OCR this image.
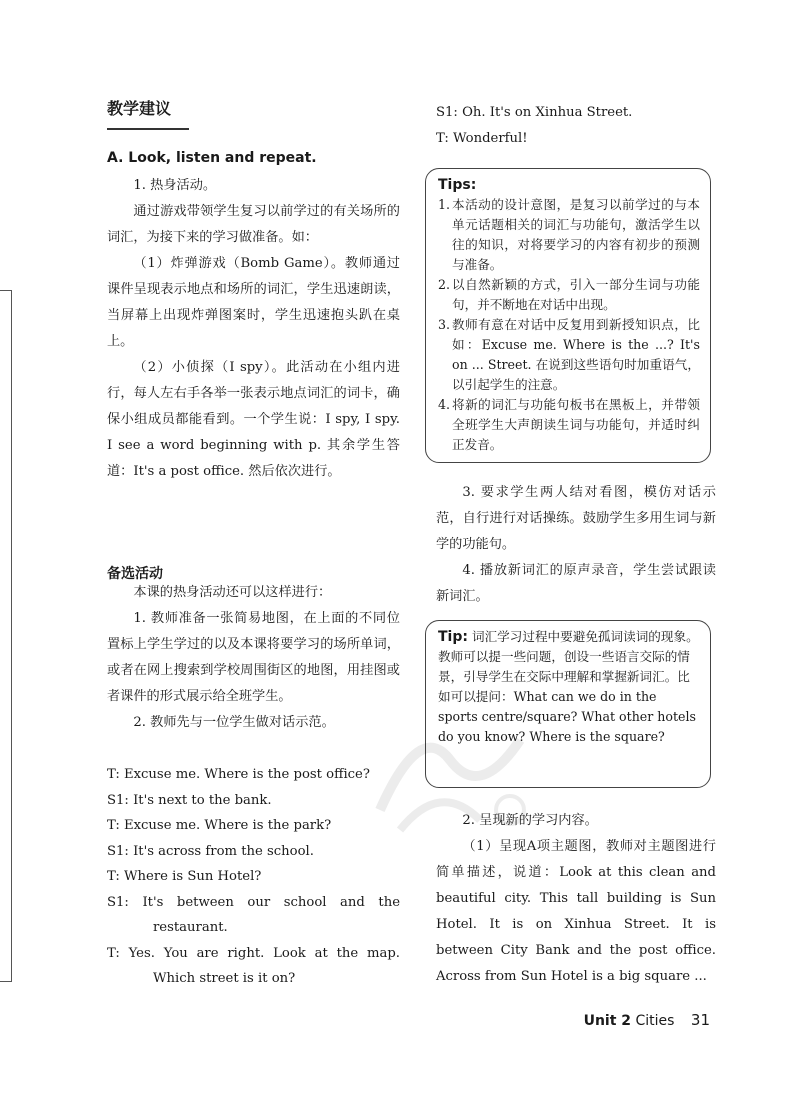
教学建议
A. Look, listen and repeat.

1. 热身活动。

通过游戏带领学生复习以前学过的有关场所的词汇，为接下来的学习做准备。如：

（1）炸弹游戏（Bomb Game）。教师通过课件呈现表示地点和场所的词汇，学生迅速朗读，当屏幕上出现炸弹图案时，学生迅速抱头趴在桌上。

（2）小侦探（I spy）。此活动在小组内进行，每人左右手各举一张表示地点词汇的词卡，确保小组成员都能看到。一个学生说：I spy, I spy. I see a word beginning with p. 其余学生答道：It's a post office. 然后依次进行。

备选活动

本课的热身活动还可以这样进行：

1. 教师准备一张简易地图，在上面的不同位置标上学生学过的以及本课将要学习的场所单词，或者在网上搜索到学校周围街区的地图，用挂图或者课件的形式展示给全班学生。

2. 教师先与一位学生做对话示范。

T: Excuse me. Where is the post office?

S1: It's next to the bank.

T: Excuse me. Where is the park?

S1: It's across from the school.

T: Where is Sun Hotel?

S1: It's between our school and the restaurant.

T: Yes. You are right. Look at the map. Which street is it on?

S1: Oh. It's on Xinhua Street.

T: Wonderful!

Tips:

1. 本活动的设计意图，是复习以前学过的与本单元话题相关的词汇与功能句，激活学生以往的知识，对将要学习的内容有初步的预测与准备。
2. 以自然新颖的方式，引入一部分生词与功能句，并不断地在对话中出现。
3. 教师有意在对话中反复用到新授知识点，比如：Excuse me. Where is the ...? It's on ... Street. 在说到这些语句时加重语气，以引起学生的注意。
4. 将新的词汇与功能句板书在黑板上，并带领全班学生大声朗读生词与功能句，并适时纠正发音。

3. 要求学生两人结对看图，模仿对话示范，自行进行对话操练。鼓励学生多用生词与新学的功能句。

4. 播放新词汇的原声录音，学生尝试跟读新词汇。

Tip: 词汇学习过程中要避免孤词读词的现象。教师可以提一些问题，创设一些语言交际的情景，引导学生在交际中理解和掌握新词汇。比如可以提问：What can we do in the sports centre/square? What other hotels do you know? Where is the square?

2. 呈现新的学习内容。

（1）呈现A项主题图，教师对主题图进行简单描述，说道：Look at this clean and beautiful city. This tall building is Sun Hotel. It is on Xinhua Street. It is between City Bank and the post office. Across from Sun Hotel is a big square ...

Unit 2 Cities 31
